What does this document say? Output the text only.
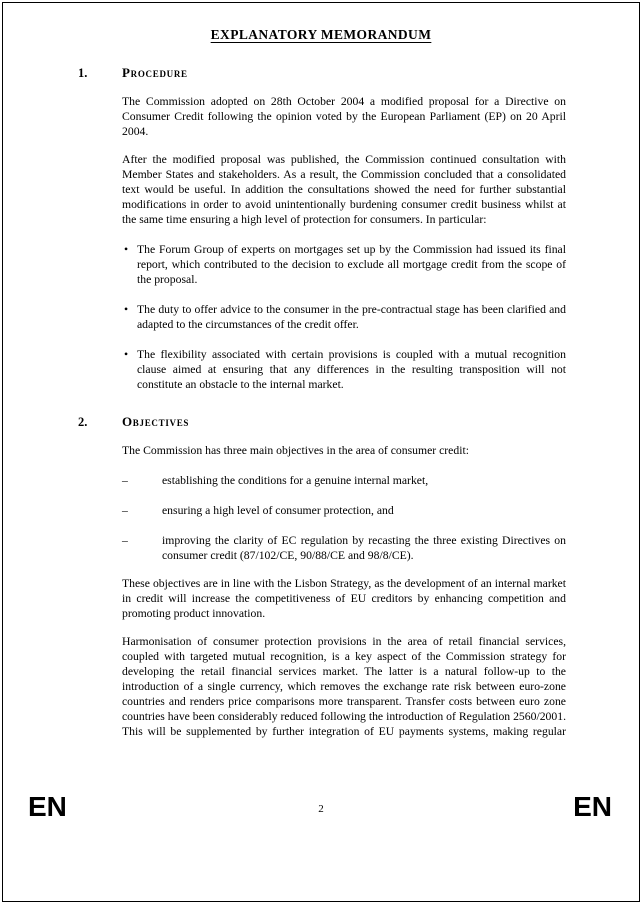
EXPLANATORY MEMORANDUM
1.	Procedure

The Commission adopted on 28th October 2004 a modified proposal for a Directive on Consumer Credit following the opinion voted by the European Parliament (EP) on 20 April 2004.

After the modified proposal was published, the Commission continued consultation with Member States and stakeholders. As a result, the Commission concluded that a consolidated text would be useful. In addition the consultations showed the need for further substantial modifications in order to avoid unintentionally burdening consumer credit business whilst at the same time ensuring a high level of protection for consumers. In particular:

• The Forum Group of experts on mortgages set up by the Commission had issued its final report, which contributed to the decision to exclude all mortgage credit from the scope of the proposal.
• The duty to offer advice to the consumer in the pre-contractual stage has been clarified and adapted to the circumstances of the credit offer.
• The flexibility associated with certain provisions is coupled with a mutual recognition clause aimed at ensuring that any differences in the resulting transposition will not constitute an obstacle to the internal market.
2.	Objectives

The Commission has three main objectives in the area of consumer credit:

–	establishing the conditions for a genuine internal market,
–	ensuring a high level of consumer protection, and
–	improving the clarity of EC regulation by recasting the three existing Directives on consumer credit (87/102/CE, 90/88/CE and 98/8/CE).

These objectives are in line with the Lisbon Strategy, as the development of an internal market in credit will increase the competitiveness of EU creditors by enhancing competition and promoting product innovation.

Harmonisation of consumer protection provisions in the area of retail financial services, coupled with targeted mutual recognition, is a key aspect of the Commission strategy for developing the retail financial services market. The latter is a natural follow-up to the introduction of a single currency, which removes the exchange rate risk between euro-zone countries and renders price comparisons more transparent. Transfer costs between euro zone countries have been considerably reduced following the introduction of Regulation 2560/2001. This will be supplemented by further integration of EU payments systems, making regular

EN	2	EN
